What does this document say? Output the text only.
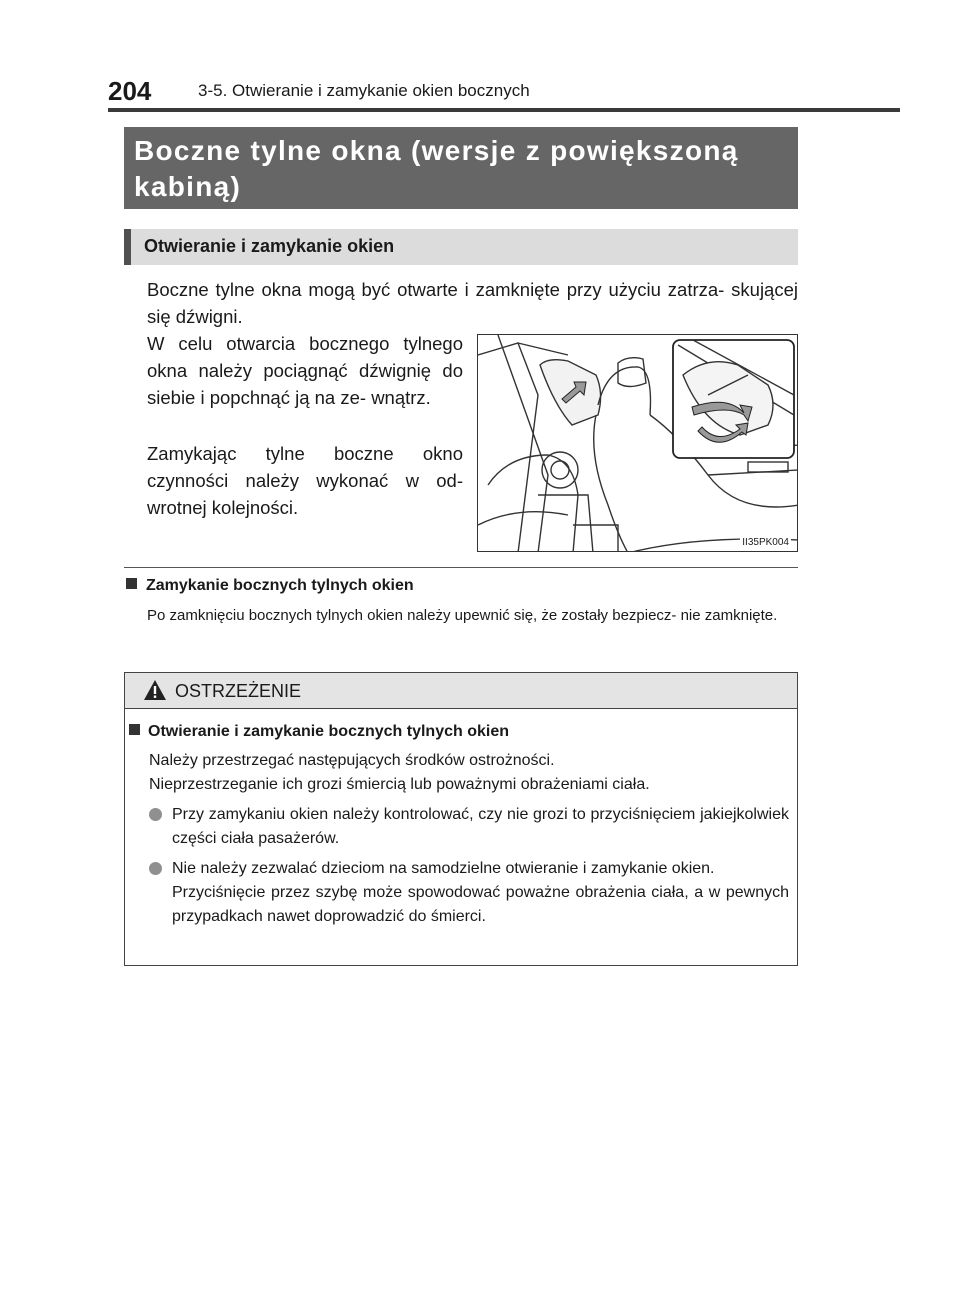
204	3-5. Otwieranie i zamykanie okien bocznych
Boczne tylne okna (wersje z powiększoną kabiną)
Otwieranie i zamykanie okien

Boczne tylne okna mogą być otwarte i zamknięte przy użyciu zatrza- skującej się dźwigni.

W celu otwarcia bocznego tylnego okna należy pociągnąć dźwignię do siebie i popchnąć ją na ze- wnątrz.

Zamykając tylne boczne okno czynności należy wykonać w od- wrotnej kolejności.

II35PK004
Zamykanie bocznych tylnych okien

Po zamknięciu bocznych tylnych okien należy upewnić się, że zostały bezpiecz- nie zamknięte.

OSTRZEŻENIE
Otwieranie i zamykanie bocznych tylnych okien
Należy przestrzegać następujących środków ostrożności.
Nieprzestrzeganie ich grozi śmiercią lub poważnymi obrażeniami ciała.
Przy zamykaniu okien należy kontrolować, czy nie grozi to przyciśnięciem jakiejkolwiek części ciała pasażerów.
Nie należy zezwalać dzieciom na samodzielne otwieranie i zamykanie okien.
Przyciśnięcie przez szybę może spowodować poważne obrażenia ciała, a w pewnych przypadkach nawet doprowadzić do śmierci.
